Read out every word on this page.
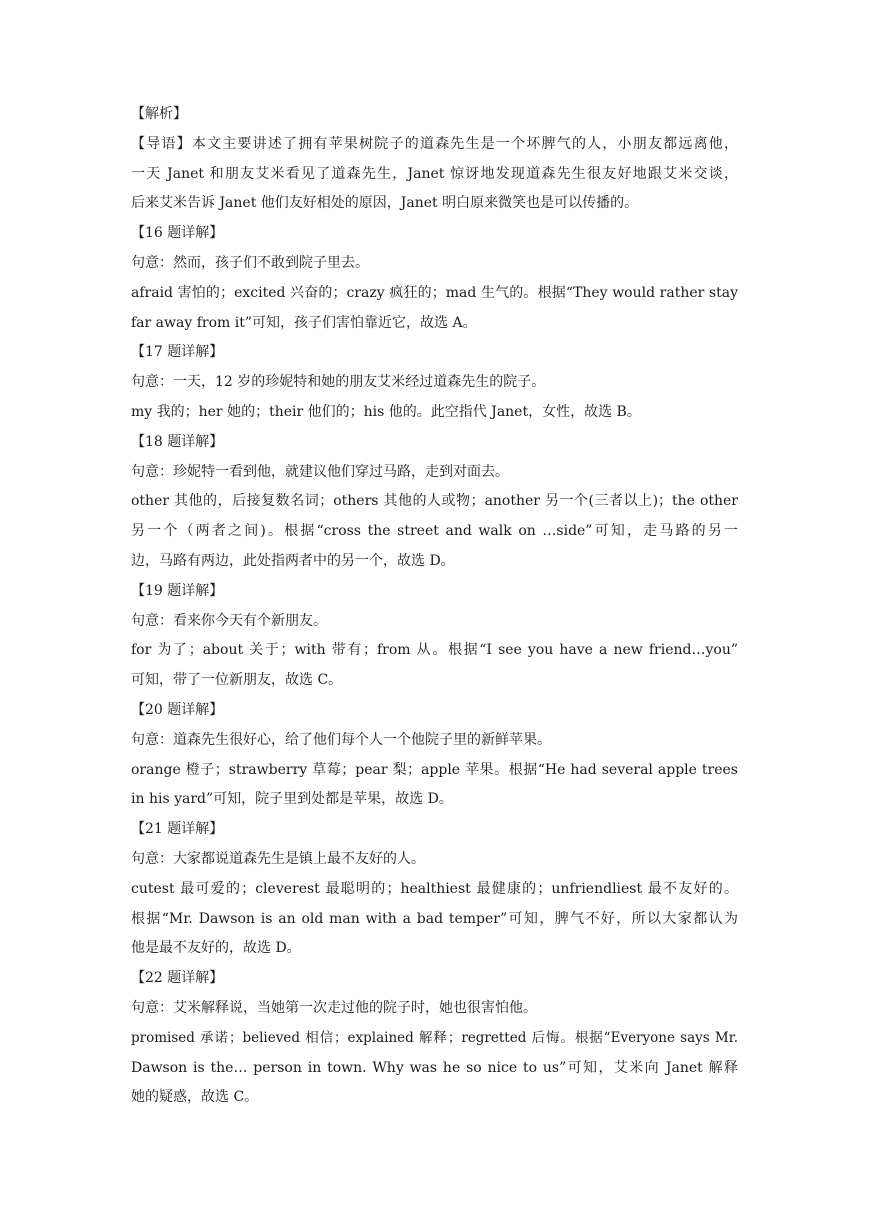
【解析】
【导语】本文主要讲述了拥有苹果树院子的道森先生是一个坏脾气的人，小朋友都远离他，
一天 Janet 和朋友艾米看见了道森先生，Janet 惊讶地发现道森先生很友好地跟艾米交谈，
后来艾米告诉 Janet 他们友好相处的原因，Janet 明白原来微笑也是可以传播的。
【16 题详解】
句意：然而，孩子们不敢到院子里去。
afraid 害怕的；excited 兴奋的；crazy 疯狂的；mad 生气的。根据“They would rather stay
far away from it”可知，孩子们害怕靠近它，故选 A。
【17 题详解】
句意：一天，12 岁的珍妮特和她的朋友艾米经过道森先生的院子。
my 我的；her 她的；their 他们的；his 他的。此空指代 Janet，女性，故选 B。
【18 题详解】
句意：珍妮特一看到他，就建议他们穿过马路，走到对面去。
other 其他的，后接复数名词；others 其他的人或物；another 另一个(三者以上)；the other
另一个（两者之间)。根据“cross the street and walk on …side”可知，走马路的另一
边，马路有两边，此处指两者中的另一个，故选 D。
【19 题详解】
句意：看来你今天有个新朋友。
for 为了；about 关于；with 带有；from 从。根据“I see you have a new friend…you”
可知，带了一位新朋友，故选 C。
【20 题详解】
句意：道森先生很好心，给了他们每个人一个他院子里的新鲜苹果。
orange 橙子；strawberry 草莓；pear 梨；apple 苹果。根据“He had several apple trees
in his yard”可知，院子里到处都是苹果，故选 D。
【21 题详解】
句意：大家都说道森先生是镇上最不友好的人。
cutest 最可爱的；cleverest 最聪明的；healthiest 最健康的；unfriendliest 最不友好的。
根据“Mr. Dawson is an old man with a bad temper”可知，脾气不好，所以大家都认为
他是最不友好的，故选 D。
【22 题详解】
句意：艾米解释说，当她第一次走过他的院子时，她也很害怕他。
promised 承诺；believed 相信；explained 解释；regretted 后悔。根据“Everyone says Mr.
Dawson is the… person in town. Why was he so nice to us”可知，艾米向 Janet 解释
她的疑惑，故选 C。
